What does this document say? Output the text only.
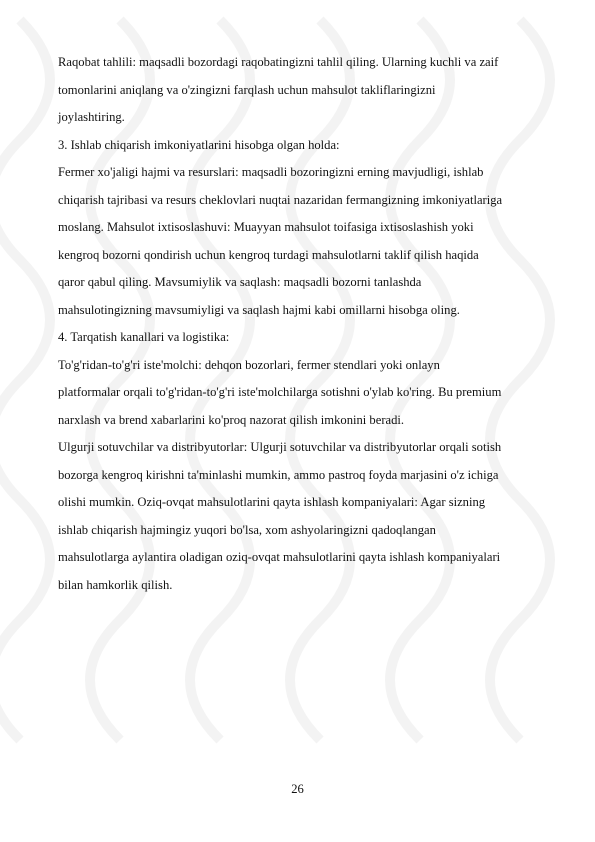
Raqobat tahlili: maqsadli bozordagi raqobatingizni tahlil qiling. Ularning kuchli va zaif
tomonlarini aniqlang va o'zingizni farqlash uchun mahsulot takliflaringizni
joylashtiring.
3. Ishlab chiqarish imkoniyatlarini hisobga olgan holda:
Fermer xo'jaligi hajmi va resurslari: maqsadli bozoringizni erning mavjudligi, ishlab
chiqarish tajribasi va resurs cheklovlari nuqtai nazaridan fermangizning imkoniyatlariga
moslang. Mahsulot ixtisoslashuvi: Muayyan mahsulot toifasiga ixtisoslashish yoki
kengroq bozorni qondirish uchun kengroq turdagi mahsulotlarni taklif qilish haqida
qaror qabul qiling. Mavsumiylik va saqlash: maqsadli bozorni tanlashda
mahsulotingizning mavsumiyligi va saqlash hajmi kabi omillarni hisobga oling.
4. Tarqatish kanallari va logistika:
To'g'ridan-to'g'ri iste'molchi: dehqon bozorlari, fermer stendlari yoki onlayn
platformalar orqali to'g'ridan-to'g'ri iste'molchilarga sotishni o'ylab ko'ring. Bu premium
narxlash va brend xabarlarini ko'proq nazorat qilish imkonini beradi.
Ulgurji sotuvchilar va distribyutorlar: Ulgurji sotuvchilar va distribyutorlar orqali sotish
bozorga kengroq kirishni ta'minlashi mumkin, ammo pastroq foyda marjasini o'z ichiga
olishi mumkin. Oziq-ovqat mahsulotlarini qayta ishlash kompaniyalari: Agar sizning
ishlab chiqarish hajmingiz yuqori bo'lsa, xom ashyolaringizni qadoqlangan
mahsulotlarga aylantira oladigan oziq-ovqat mahsulotlarini qayta ishlash kompaniyalari
bilan hamkorlik qilish.
26
